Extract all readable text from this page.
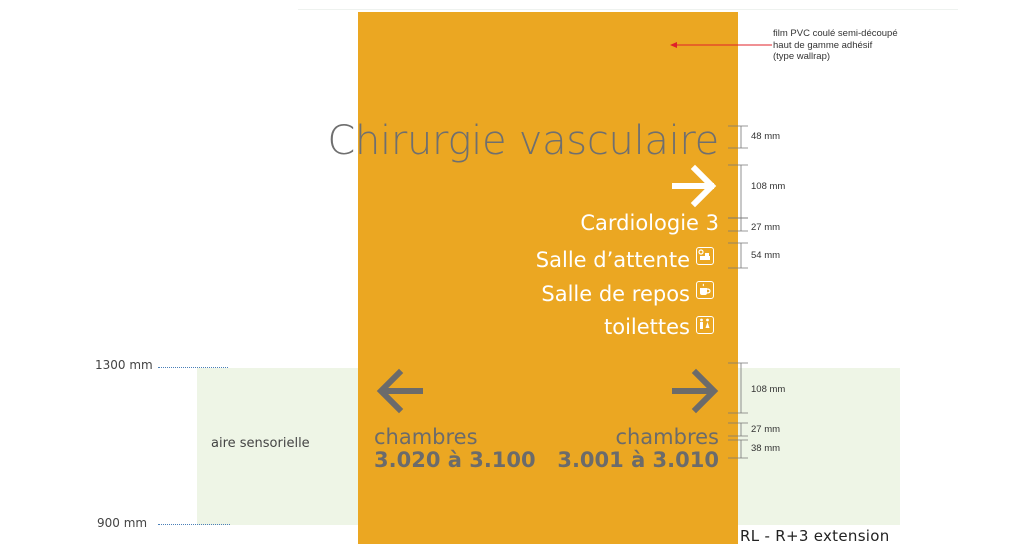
aire sensorielle
Chirurgie vasculaire
Cardiologie 3
Salle d’attente
Salle de repos
toilettes
chambres
3.020 à 3.100
chambres
3.001 à 3.010
film PVC coulé semi-découpé
haut de gamme adhésif
(type wallrap)
48 mm
108 mm
27 mm
54 mm
108 mm
27 mm
38 mm
1300 mm
900 mm
RL - R+3 extension
